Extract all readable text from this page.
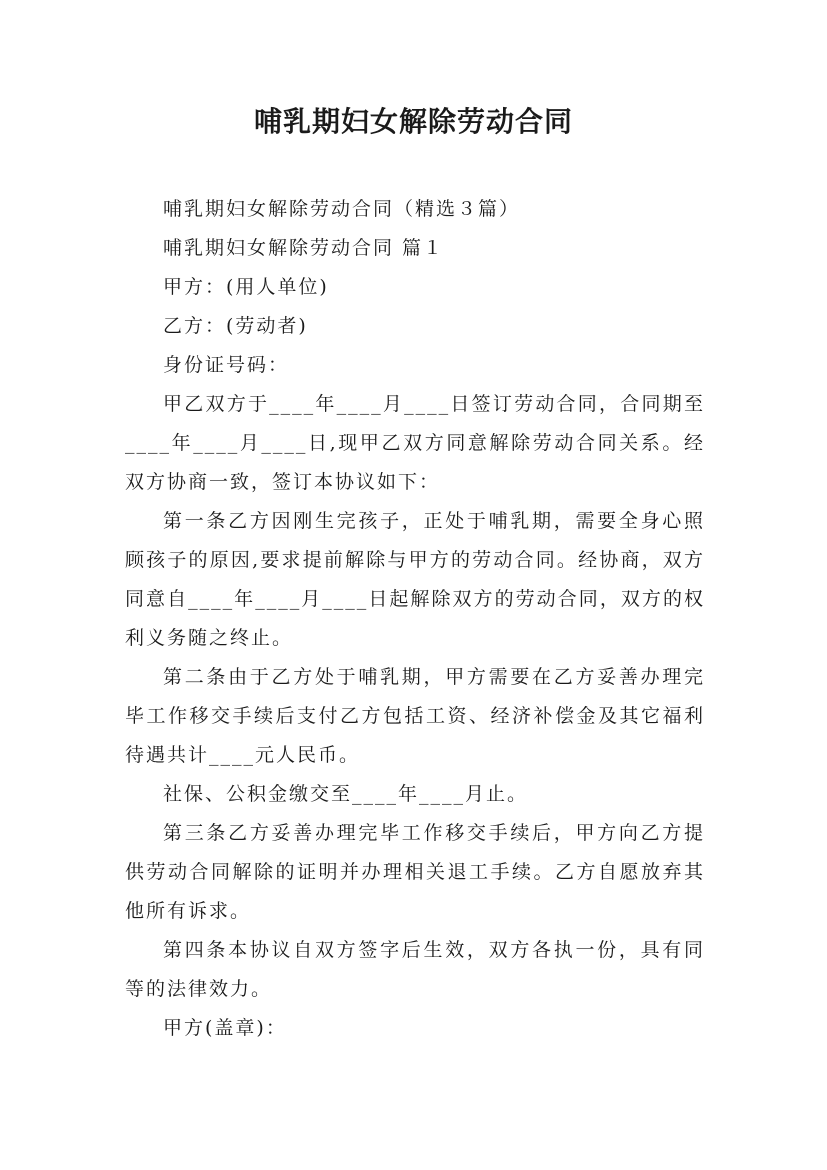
哺乳期妇女解除劳动合同

哺乳期妇女解除劳动合同（精选３篇）

哺乳期妇女解除劳动合同 篇１

甲方：(用人单位)

乙方：(劳动者)

身份证号码：

甲乙双方于____年____月____日签订劳动合同，合同期至____年____月____日,现甲乙双方同意解除劳动合同关系。经双方协商一致，签订本协议如下：

第一条乙方因刚生完孩子，正处于哺乳期，需要全身心照顾孩子的原因,要求提前解除与甲方的劳动合同。经协商，双方同意自____年____月____日起解除双方的劳动合同，双方的权利义务随之终止。

第二条由于乙方处于哺乳期，甲方需要在乙方妥善办理完毕工作移交手续后支付乙方包括工资、经济补偿金及其它福利待遇共计____元人民币。

社保、公积金缴交至____年____月止。

第三条乙方妥善办理完毕工作移交手续后，甲方向乙方提供劳动合同解除的证明并办理相关退工手续。乙方自愿放弃其他所有诉求。

第四条本协议自双方签字后生效，双方各执一份，具有同等的法律效力。

甲方(盖章)：
